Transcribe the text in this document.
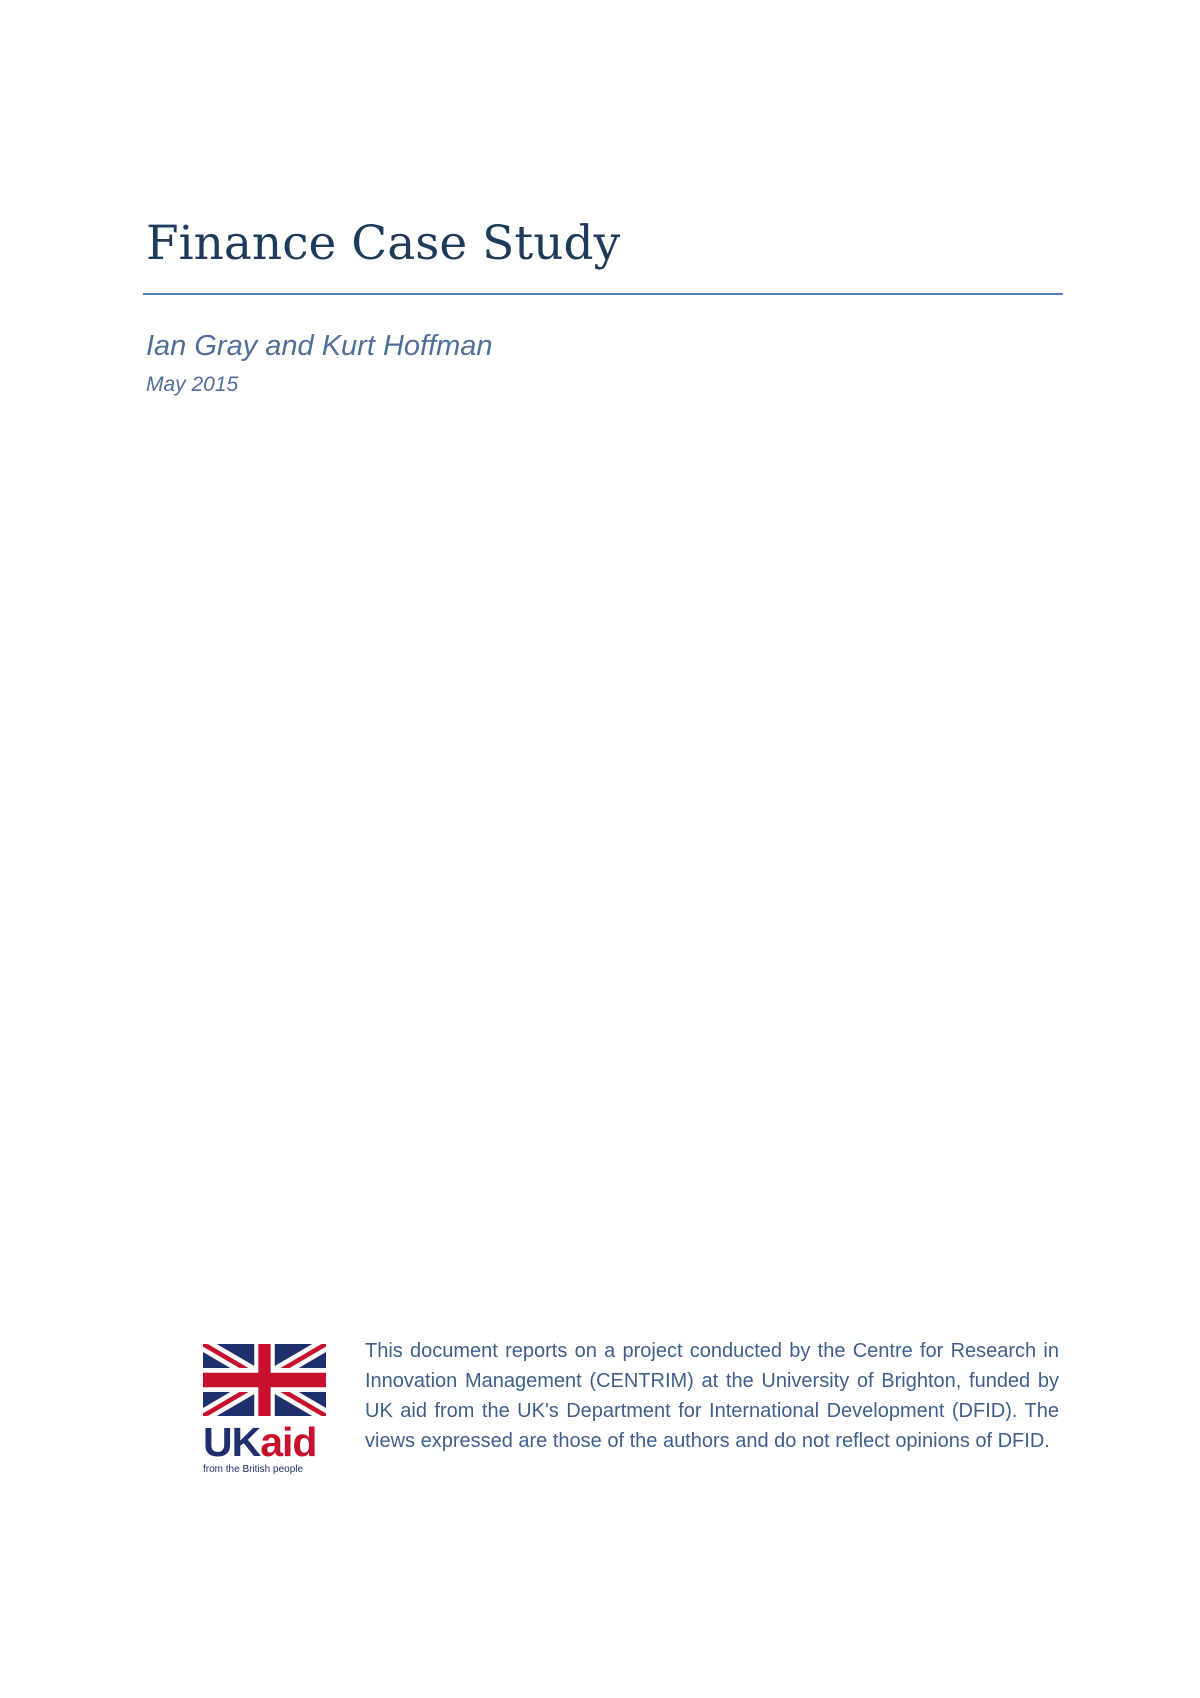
Finance Case Study
Ian Gray and Kurt Hoffman
May 2015
UK aid
from the British people

This document reports on a project conducted by the Centre for Research in Innovation Management (CENTRIM) at the University of Brighton, funded by UK aid from the UK's Department for International Development (DFID). The views expressed are those of the authors and do not reflect opinions of DFID.
